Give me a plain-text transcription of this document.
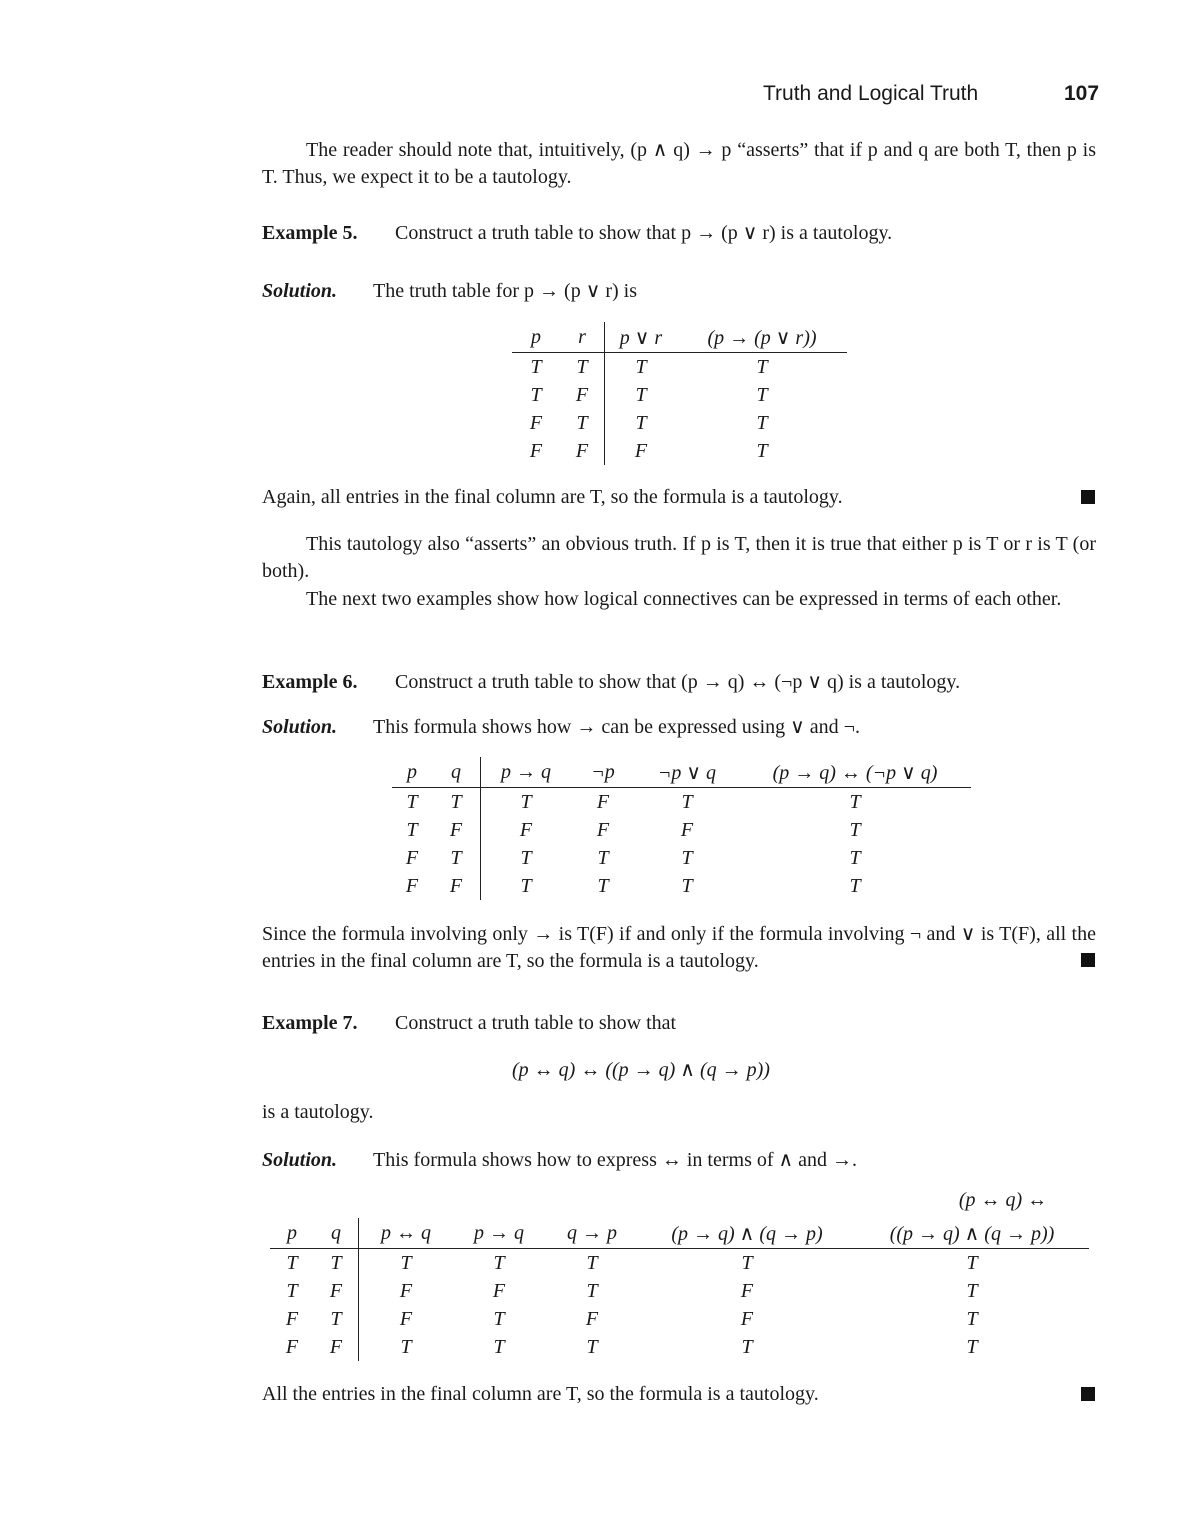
Truth and Logical Truth	107
The reader should note that, intuitively, (p ∧ q) → p “asserts” that if p and q are both T, then p is T. Thus, we expect it to be a tautology.
Example 5. Construct a truth table to show that p → (p ∨ r) is a tautology.
Solution. The truth table for p → (p ∨ r) is
p	r	p ∨ r	(p → (p ∨ r))
T	T	T	T
T	F	T	T
F	T	T	T
F	F	F	T
Again, all entries in the final column are T, so the formula is a tautology.
This tautology also “asserts” an obvious truth. If p is T, then it is true that either p is T or r is T (or both).
The next two examples show how logical connectives can be expressed in terms of each other.
Example 6. Construct a truth table to show that (p → q) ↔ (¬p ∨ q) is a tautology.
Solution. This formula shows how → can be expressed using ∨ and ¬.
p	q	p → q	¬p	¬p ∨ q	(p → q) ↔ (¬p ∨ q)
T	T	T	F	T	T
T	F	F	F	F	T
F	T	T	T	T	T
F	F	T	T	T	T
Since the formula involving only → is T(F) if and only if the formula involving ¬ and ∨ is T(F), all the entries in the final column are T, so the formula is a tautology.
Example 7. Construct a truth table to show that
(p ↔ q) ↔ ((p → q) ∧ (q → p))
is a tautology.
Solution. This formula shows how to express ↔ in terms of ∧ and →.
(p ↔ q) ↔
p	q	p ↔ q	p → q	q → p	(p → q) ∧ (q → p)	((p → q) ∧ (q → p))
T	T	T	T	T	T	T
T	F	F	F	T	F	T
F	T	F	T	F	F	T
F	F	T	T	T	T	T
All the entries in the final column are T, so the formula is a tautology.
